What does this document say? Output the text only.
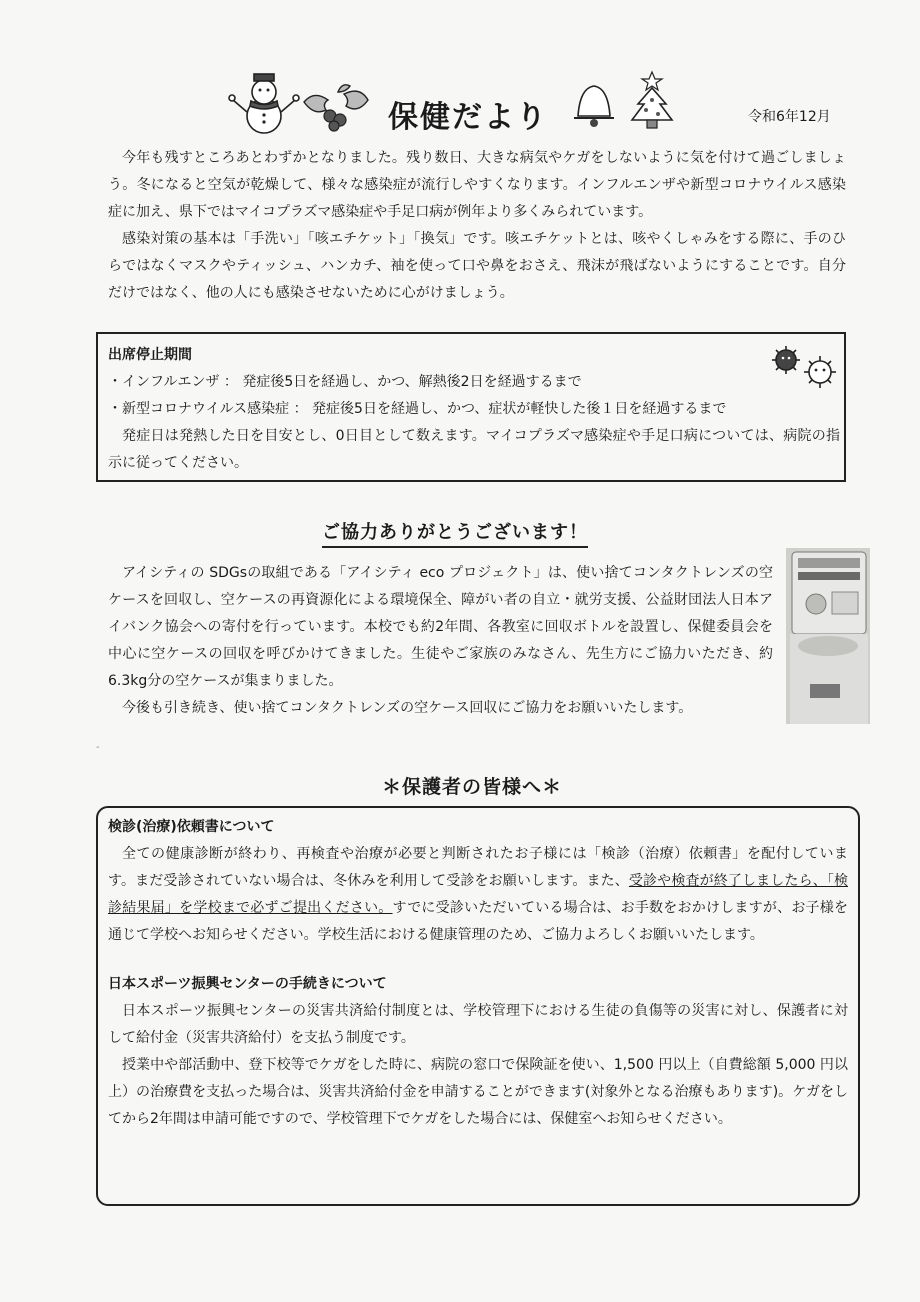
保健だより	令和6年12月

今年も残すところあとわずかとなりました。残り数日、大きな病気やケガをしないように気を付けて過ごしましょう。冬になると空気が乾燥して、様々な感染症が流行しやすくなります。インフルエンザや新型コロナウイルス感染症に加え、県下ではマイコプラズマ感染症や手足口病が例年より多くみられています。

感染対策の基本は「手洗い」「咳エチケット」「換気」です。咳エチケットとは、咳やくしゃみをする際に、手のひらではなくマスクやティッシュ、ハンカチ、袖を使って口や鼻をおさえ、飛沫が飛ばないようにすることです。自分だけではなく、他の人にも感染させないために心がけましょう。

出席停止期間

・インフルエンザ ： 発症後5日を経過し、かつ、解熱後2日を経過するまで

・新型コロナウイルス感染症 ： 発症後5日を経過し、かつ、症状が軽快した後１日を経過するまで

発症日は発熱した日を目安とし、0日目として数えます。マイコプラズマ感染症や手足口病については、病院の指示に従ってください。

ご協力ありがとうございます！

アイシティの SDGsの取組である「アイシティ eco プロジェクト」は、使い捨てコンタクトレンズの空ケースを回収し、空ケースの再資源化による環境保全、障がい者の自立・就労支援、公益財団法人日本アイバンク協会への寄付を行っています。本校でも約2年間、各教室に回収ボトルを設置し、保健委員会を中心に空ケースの回収を呼びかけてきました。生徒やご家族のみなさん、先生方にご協力いただき、約6.3kg分の空ケースが集まりました。

今後も引き続き、使い捨てコンタクトレンズの空ケース回収にご協力をお願いいたします。

-
＊保護者の皆様へ＊

検診(治療)依頼書について

全ての健康診断が終わり、再検査や治療が必要と判断されたお子様には「検診（治療）依頼書」を配付しています。まだ受診されていない場合は、冬休みを利用して受診をお願いします。また、受診や検査が終了しましたら、「検診結果届」を学校まで必ずご提出ください。すでに受診いただいている場合は、お手数をおかけしますが、お子様を通じて学校へお知らせください。学校生活における健康管理のため、ご協力よろしくお願いいたします。

日本スポーツ振興センターの手続きについて

日本スポーツ振興センターの災害共済給付制度とは、学校管理下における生徒の負傷等の災害に対し、保護者に対して給付金（災害共済給付）を支払う制度です。

授業中や部活動中、登下校等でケガをした時に、病院の窓口で保険証を使い、1,500 円以上（自費総額 5,000 円以上）の治療費を支払った場合は、災害共済給付金を申請することができます(対象外となる治療もあります)。ケガをしてから2年間は申請可能ですので、学校管理下でケガをした場合には、保健室へお知らせください。
